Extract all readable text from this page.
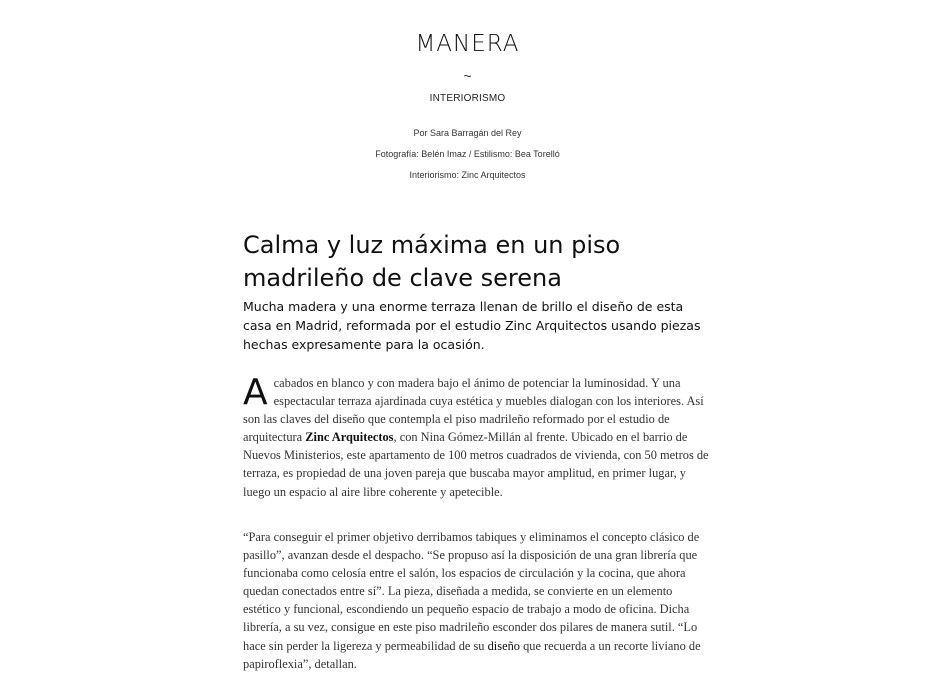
MANERA
~
INTERIORISMO
Por Sara Barragán del Rey
Fotografía: Belén Imaz / Estilismo: Bea Torelló
Interiorismo: Zinc Arquitectos
Calma y luz máxima en un piso madrileño de clave serena

Mucha madera y una enorme terraza llenan de brillo el diseño de esta casa en Madrid, reformada por el estudio Zinc Arquitectos usando piezas hechas expresamente para la ocasión.

Acabados en blanco y con madera bajo el ánimo de potenciar la luminosidad. Y una espectacular terraza ajardinada cuya estética y muebles dialogan con los interiores. Así son las claves del diseño que contempla el piso madrileño reformado por el estudio de arquitectura Zinc Arquitectos, con Nina Gómez-Millán al frente. Ubicado en el barrio de Nuevos Ministerios, este apartamento de 100 metros cuadrados de vivienda, con 50 metros de terraza, es propiedad de una joven pareja que buscaba mayor amplitud, en primer lugar, y luego un espacio al aire libre coherente y apetecible.

“Para conseguir el primer objetivo derribamos tabiques y eliminamos el concepto clásico de pasillo”, avanzan desde el despacho. “Se propuso así la disposición de una gran librería que funcionaba como celosía entre el salón, los espacios de circulación y la cocina, que ahora quedan conectados entre sí”. La pieza, diseñada a medida, se convierte en un elemento estético y funcional, escondiendo un pequeño espacio de trabajo a modo de oficina. Dicha librería, a su vez, consigue en este piso madrileño esconder dos pilares de manera sutil. “Lo hace sin perder la ligereza y permeabilidad de su diseño que recuerda a un recorte liviano de papiroflexia”, detallan.
